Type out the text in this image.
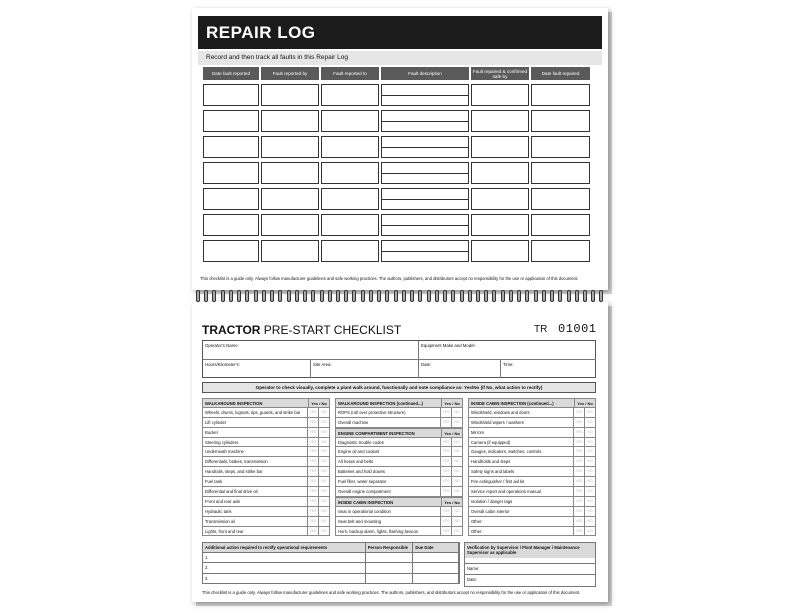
REPAIR LOG
Record and then track all faults in this Repair Log
Date fault reported	Fault reported by	Fault reported to	Fault description	Fault repaired & confirmed safe by	Date fault repaired
This checklist is a guide only. Always follow manufacturer guidelines and safe working practices. The authors, publishers, and distributors accept no responsibility for the use or application of this document.
TRACTOR PRE-START CHECKLIST	TR 01001
Operator's Name:	Equipment Make and Model:
Hours/Kilometer's:	Site Area:	Date:	Time:
Operator to check visually, complete a plant walk around, functionally and note compliance as: Yes/No (if No, what action to rectify)
WALKAROUND INSPECTION	Yes / No
Wheels, drums, lugnuts, tips, guards, and strike bar	YES	NO
Lift cylinder	YES	NO
Bucket	YES	NO
Steering cylinders	YES	NO
Underneath machine	YES	NO
Differentials, brakes, transmission	YES	NO
Handrails, steps, and strike bar	YES	NO
Fuel tank	YES	NO
Differential and final drive oil	YES	NO
Front and rear axle	YES	NO
Hydraulic tank	YES	NO
Transmission oil	YES	NO
Lights, front and rear	YES	NO
WALKAROUND INSPECTION (continued...)	Yes / No
ROPS (roll over protective structure)	YES	NO
Overall machine	YES	NO
ENGINE COMPARTMENT INSPECTION	Yes / No
Diagnostic trouble codes	YES	NO
Engine oil and coolant	YES	NO
All hoses and belts	YES	NO
Batteries and hold downs	YES	NO
Fuel filter, water separator	YES	NO
Overall engine compartment	YES	NO
INSIDE CABIN INSPECTION	Yes / No
Seat in operational condition	YES	NO
Seat belt and mounting	YES	NO
Horn, backup alarm, lights, flashing beacon	YES	NO
INSIDE CABIN INSPECTION (continued...)	Yes / No
Windshield, windows and doors	YES	NO
Windshield wipers / washers	YES	NO
Mirrors	YES	NO
Camera (if equipped)	YES	NO
Gauges, indicators, switches, controls	YES	NO
Handholds and steps	YES	NO
Safety signs and labels	YES	NO
Fire extinguisher / first aid kit	YES	NO
Service report and operations manual	YES	NO
Isolation / danger tags	YES	NO
Overall cabin interior	YES	NO
Other:	YES	NO
Other:	YES	NO
Additional action required to rectify operational requirements	Person Responsible	Due Date
1.
2.
3.
Verification by Supervisor / Plant Manager / Maintenance Supervisor as applicable
Name:
Date:
This checklist is a guide only. Always follow manufacturer guidelines and safe working practices. The authors, publishers, and distributors accept no responsibility for the use or application of this document.
